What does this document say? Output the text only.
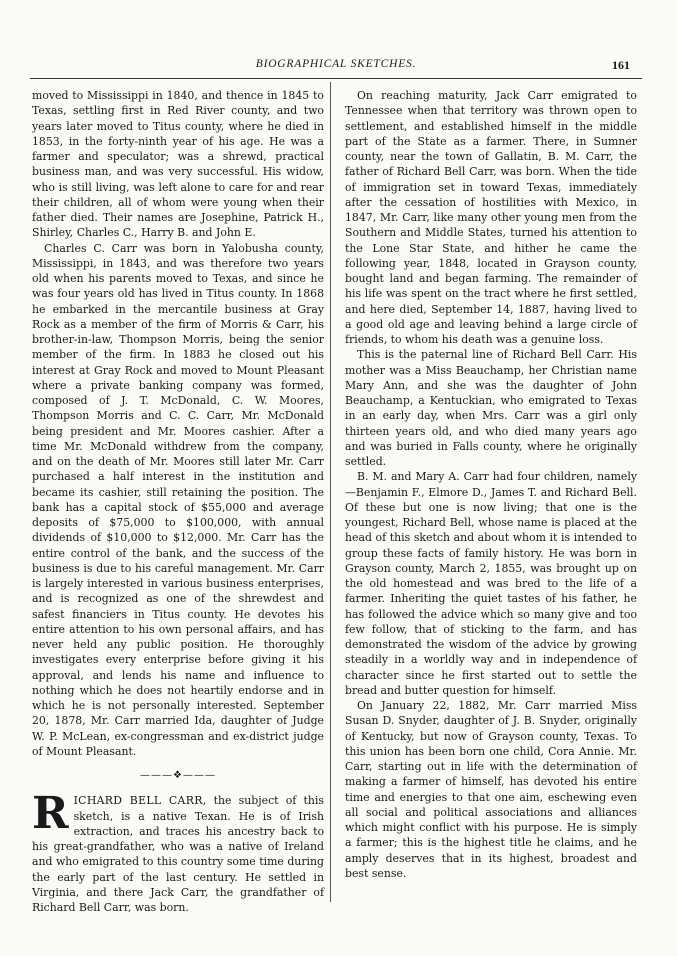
BIOGRAPHICAL SKETCHES.	161

moved to Mississippi in 1840, and thence in 1845 to Texas, settling first in Red River county, and two years later moved to Titus county, where he died in 1853, in the forty-ninth year of his age. He was a farmer and speculator; was a shrewd, practical business man, and was very successful. His widow, who is still living, was left alone to care for and rear their children, all of whom were young when their father died. Their names are Josephine, Patrick H., Shirley, Charles C., Harry B. and John E.

Charles C. Carr was born in Yalobusha county, Mississippi, in 1843, and was therefore two years old when his parents moved to Texas, and since he was four years old has lived in Titus county. In 1868 he embarked in the mercantile business at Gray Rock as a member of the firm of Morris & Carr, his brother-in-law, Thompson Morris, being the senior member of the firm. In 1883 he closed out his interest at Gray Rock and moved to Mount Pleasant where a private banking company was formed, composed of J. T. McDonald, C. W. Moores, Thompson Morris and C. C. Carr, Mr. McDonald being president and Mr. Moores cashier. After a time Mr. McDonald withdrew from the company, and on the death of Mr. Moores still later Mr. Carr purchased a half interest in the institution and became its cashier, still retaining the position. The bank has a capital stock of $55,000 and average deposits of $75,000 to $100,000, with annual dividends of $10,000 to $12,000. Mr. Carr has the entire control of the bank, and the success of the business is due to his careful management. Mr. Carr is largely interested in various business enterprises, and is recognized as one of the shrewdest and safest financiers in Titus county. He devotes his entire attention to his own personal affairs, and has never held any public position. He thoroughly investigates every enterprise before giving it his approval, and lends his name and influence to nothing which he does not heartily endorse and in which he is not personally interested. September 20, 1878, Mr. Carr married Ida, daughter of Judge W. P. McLean, ex-congressman and ex-district judge of Mount Pleasant.

———❖———

RICHARD BELL CARR, the subject of this sketch, is a native Texan. He is of Irish extraction, and traces his ancestry back to his great-grandfather, who was a native of Ireland and who emigrated to this country some time during the early part of the last century. He settled in Virginia, and there Jack Carr, the grandfather of Richard Bell Carr, was born.

On reaching maturity, Jack Carr emigrated to Tennessee when that territory was thrown open to settlement, and established himself in the middle part of the State as a farmer. There, in Sumner county, near the town of Gallatin, B. M. Carr, the father of Richard Bell Carr, was born. When the tide of immigration set in toward Texas, immediately after the cessation of hostilities with Mexico, in 1847, Mr. Carr, like many other young men from the Southern and Middle States, turned his attention to the Lone Star State, and hither he came the following year, 1848, located in Grayson county, bought land and began farming. The remainder of his life was spent on the tract where he first settled, and here died, September 14, 1887, having lived to a good old age and leaving behind a large circle of friends, to whom his death was a genuine loss.

This is the paternal line of Richard Bell Carr. His mother was a Miss Beauchamp, her Christian name Mary Ann, and she was the daughter of John Beauchamp, a Kentuckian, who emigrated to Texas in an early day, when Mrs. Carr was a girl only thirteen years old, and who died many years ago and was buried in Falls county, where he originally settled.

B. M. and Mary A. Carr had four children, namely—Benjamin F., Elmore D., James T. and Richard Bell. Of these but one is now living; that one is the youngest, Richard Bell, whose name is placed at the head of this sketch and about whom it is intended to group these facts of family history. He was born in Grayson county, March 2, 1855, was brought up on the old homestead and was bred to the life of a farmer. Inheriting the quiet tastes of his father, he has followed the advice which so many give and too few follow, that of sticking to the farm, and has demonstrated the wisdom of the advice by growing steadily in a worldly way and in independence of character since he first started out to settle the bread and butter question for himself.

On January 22, 1882, Mr. Carr married Miss Susan D. Snyder, daughter of J. B. Snyder, originally of Kentucky, but now of Grayson county, Texas. To this union has been born one child, Cora Annie. Mr. Carr, starting out in life with the determination of making a farmer of himself, has devoted his entire time and energies to that one aim, eschewing even all social and political associations and alliances which might conflict with his purpose. He is simply a farmer; this is the highest title he claims, and he amply deserves that in its highest, broadest and best sense.
